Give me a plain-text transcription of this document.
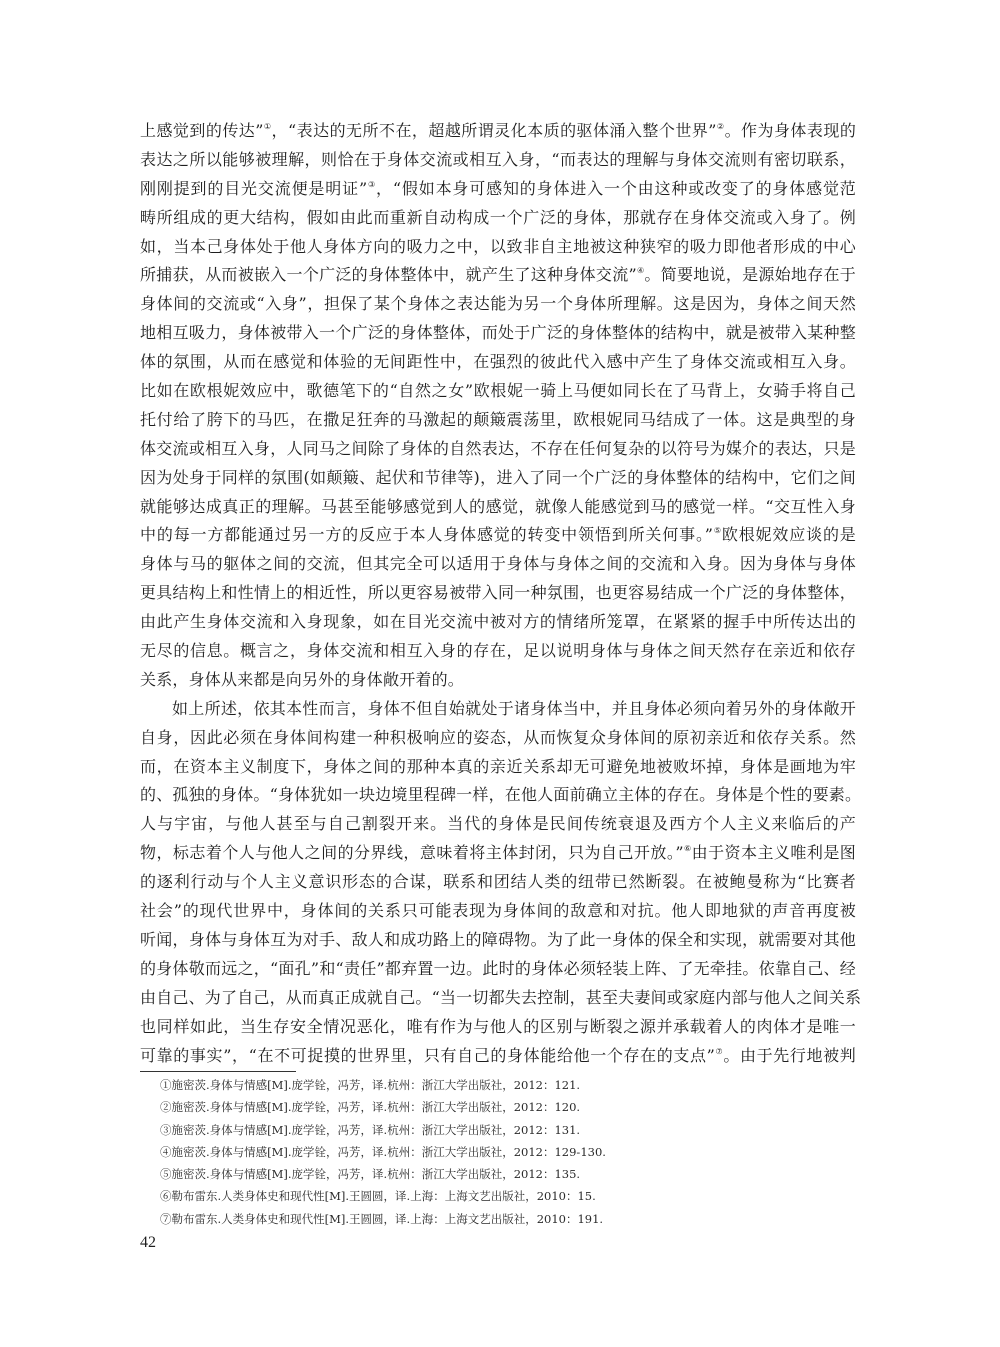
上感觉到的传达”①，“表达的无所不在，超越所谓灵化本质的驱体涌入整个世界”②。作为身体表现的
表达之所以能够被理解，则恰在于身体交流或相互入身，“而表达的理解与身体交流则有密切联系，
刚刚提到的目光交流便是明证”③，“假如本身可感知的身体进入一个由这种或改变了的身体感觉范
畴所组成的更大结构，假如由此而重新自动构成一个广泛的身体，那就存在身体交流或入身了。例
如，当本己身体处于他人身体方向的吸力之中，以致非自主地被这种狭窄的吸力即他者形成的中心
所捕获，从而被嵌入一个广泛的身体整体中，就产生了这种身体交流”④。简要地说，是源始地存在于
身体间的交流或“入身”，担保了某个身体之表达能为另一个身体所理解。这是因为，身体之间天然
地相互吸力，身体被带入一个广泛的身体整体，而处于广泛的身体整体的结构中，就是被带入某种整
体的氛围，从而在感觉和体验的无间距性中，在强烈的彼此代入感中产生了身体交流或相互入身。
比如在欧根妮效应中，歌德笔下的“自然之女”欧根妮一骑上马便如同长在了马背上，女骑手将自己
托付给了胯下的马匹，在撒足狂奔的马激起的颠簸震荡里，欧根妮同马结成了一体。这是典型的身
体交流或相互入身，人同马之间除了身体的自然表达，不存在任何复杂的以符号为媒介的表达，只是
因为处身于同样的氛围(如颠簸、起伏和节律等)，进入了同一个广泛的身体整体的结构中，它们之间
就能够达成真正的理解。马甚至能够感觉到人的感觉，就像人能感觉到马的感觉一样。“交互性入身
中的每一方都能通过另一方的反应于本人身体感觉的转变中领悟到所关何事。”⑤欧根妮效应谈的是
身体与马的躯体之间的交流，但其完全可以适用于身体与身体之间的交流和入身。因为身体与身体
更具结构上和性情上的相近性，所以更容易被带入同一种氛围，也更容易结成一个广泛的身体整体，
由此产生身体交流和入身现象，如在目光交流中被对方的情绪所笼罩，在紧紧的握手中所传达出的
无尽的信息。概言之，身体交流和相互入身的存在，足以说明身体与身体之间天然存在亲近和依存
关系，身体从来都是向另外的身体敞开着的。
如上所述，依其本性而言，身体不但自始就处于诸身体当中，并且身体必须向着另外的身体敞开
自身，因此必须在身体间构建一种积极响应的姿态，从而恢复众身体间的原初亲近和依存关系。然
而，在资本主义制度下，身体之间的那种本真的亲近关系却无可避免地被败坏掉，身体是画地为牢
的、孤独的身体。“身体犹如一块边境里程碑一样，在他人面前确立主体的存在。身体是个性的要素。
人与宇宙，与他人甚至与自己割裂开来。当代的身体是民间传统衰退及西方个人主义来临后的产
物，标志着个人与他人之间的分界线，意味着将主体封闭，只为自己开放。”⑥由于资本主义唯利是图
的逐利行动与个人主义意识形态的合谋，联系和团结人类的纽带已然断裂。在被鲍曼称为“比赛者
社会”的现代世界中，身体间的关系只可能表现为身体间的敌意和对抗。他人即地狱的声音再度被
听闻，身体与身体互为对手、敌人和成功路上的障碍物。为了此一身体的保全和实现，就需要对其他
的身体敬而远之，“面孔”和“责任”都弃置一边。此时的身体必须轻装上阵、了无牵挂。依靠自己、经
由自己、为了自己，从而真正成就自己。“当一切都失去控制，甚至夫妻间或家庭内部与他人之间关系
也同样如此，当生存安全情况恶化，唯有作为与他人的区别与断裂之源并承载着人的肉体才是唯一
可靠的事实”，“在不可捉摸的世界里，只有自己的身体能给他一个存在的支点”⑦。由于先行地被判
①施密茨.身体与情感[M].庞学铨，冯芳，译.杭州：浙江大学出版社，2012：121.
②施密茨.身体与情感[M].庞学铨，冯芳，译.杭州：浙江大学出版社，2012：120.
③施密茨.身体与情感[M].庞学铨，冯芳，译.杭州：浙江大学出版社，2012：131.
④施密茨.身体与情感[M].庞学铨，冯芳，译.杭州：浙江大学出版社，2012：129-130.
⑤施密茨.身体与情感[M].庞学铨，冯芳，译.杭州：浙江大学出版社，2012：135.
⑥勒布雷东.人类身体史和现代性[M].王圆圆，译.上海：上海文艺出版社，2010：15.
⑦勒布雷东.人类身体史和现代性[M].王圆圆，译.上海：上海文艺出版社，2010：191.
42
